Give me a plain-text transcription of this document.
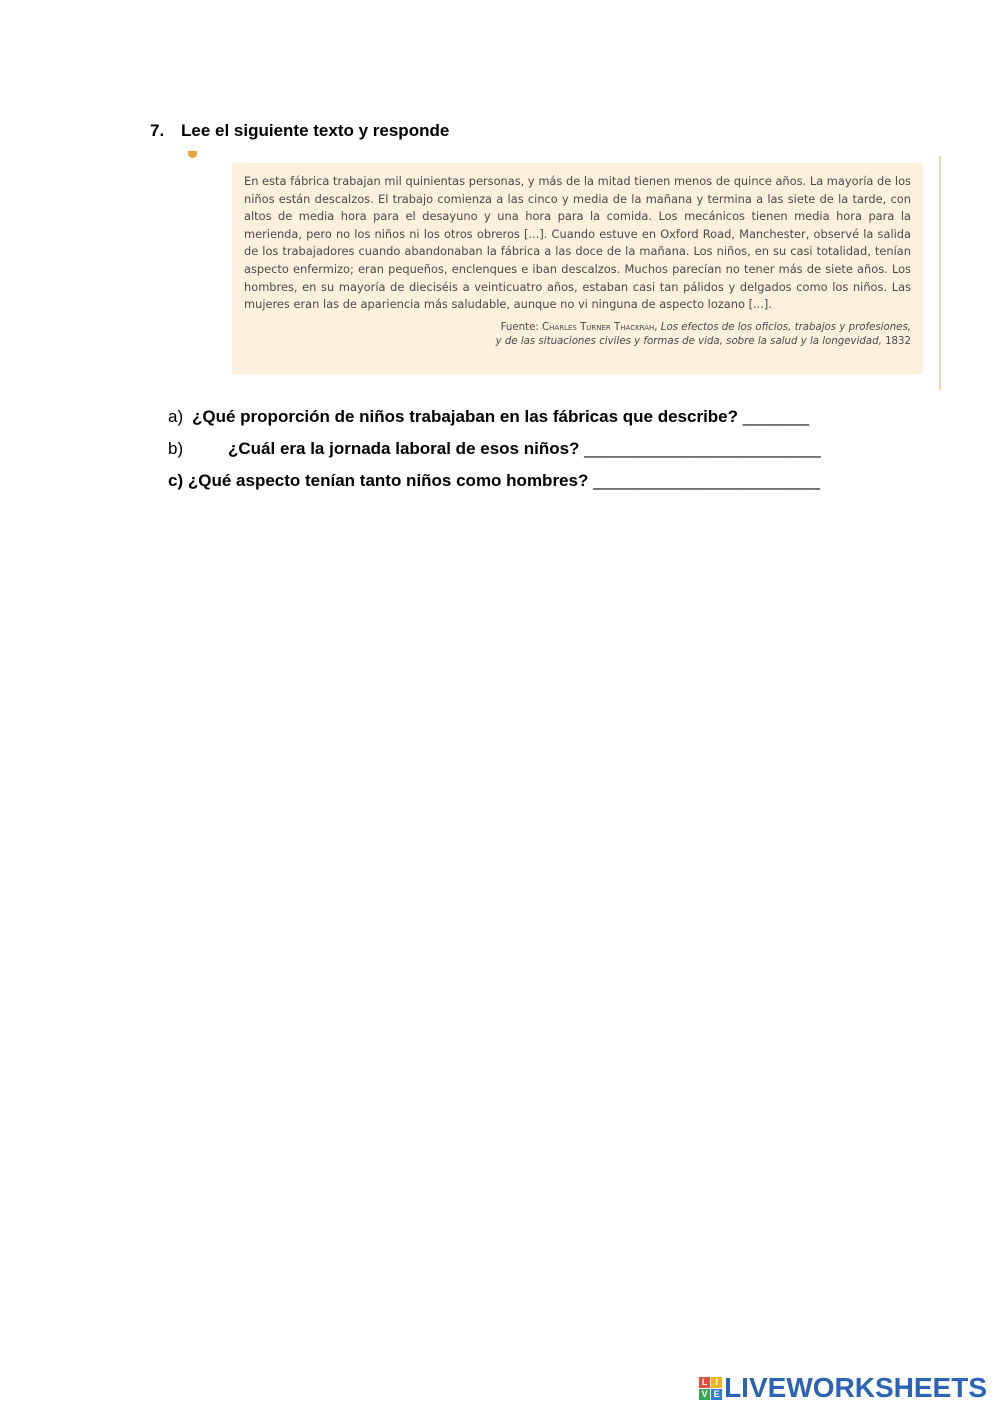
7. Lee el siguiente texto y responde

En esta fábrica trabajan mil quinientas personas, y más de la mitad tienen menos de quince años. La mayoría de los niños están descalzos. El trabajo comienza a las cinco y media de la mañana y termina a las siete de la tarde, con altos de media hora para el desayuno y una hora para la comida. Los mecánicos tienen media hora para la merienda, pero no los niños ni los otros obreros [...]. Cuando estuve en Oxford Road, Manchester, observé la salida de los trabajadores cuando abandonaban la fábrica a las doce de la mañana. Los niños, en su casi totalidad, tenían aspecto enfermizo; eran pequeños, enclenques e iban descalzos. Muchos parecían no tener más de siete años. Los hombres, en su mayoría de dieciséis a veinticuatro años, estaban casi tan pálidos y delgados como los niños. Las mujeres eran las de apariencia más saludable, aunque no vi ninguna de aspecto lozano [...].

Fuente: Charles Turner Thackrah, Los efectos de los oficios, trabajos y profesiones,
y de las situaciones civiles y formas de vida, sobre la salud y la longevidad, 1832
a) ¿Qué proporción de niños trabajaban en las fábricas que describe? _______
b)	¿Cuál era la jornada laboral de esos niños? _________________________
c) ¿Qué aspecto tenían tanto niños como hombres? ________________________
L I
V E LIVEWORKSHEETS
